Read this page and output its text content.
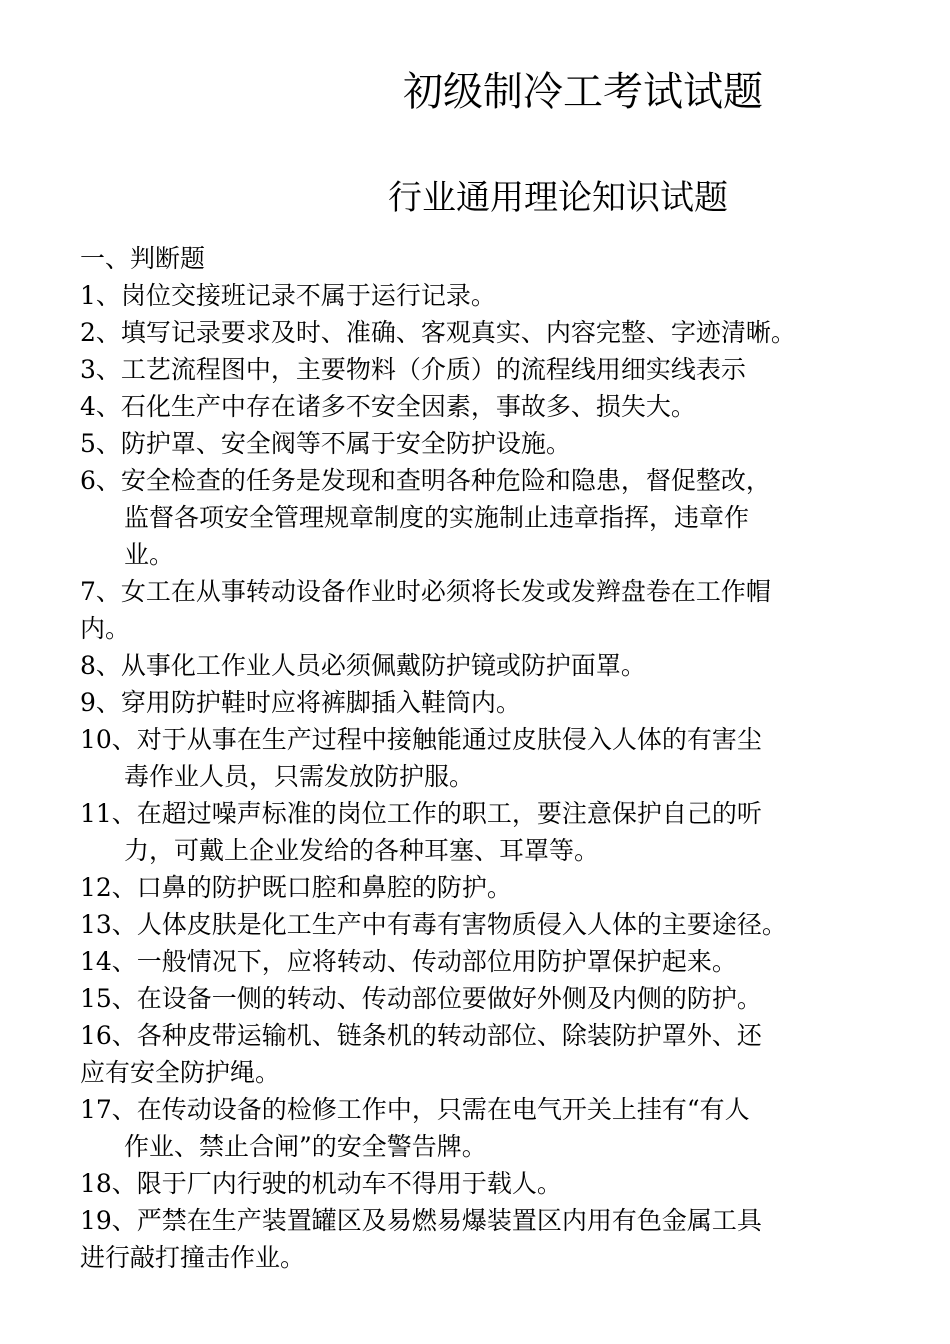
初级制冷工考试试题
行业通用理论知识试题
一、判断题
1、岗位交接班记录不属于运行记录。
2、填写记录要求及时、准确、客观真实、内容完整、字迹清晰。
3、工艺流程图中，主要物料（介质）的流程线用细实线表示
4、石化生产中存在诸多不安全因素，事故多、损失大。
5、防护罩、安全阀等不属于安全防护设施。
6、安全检查的任务是发现和查明各种危险和隐患，督促整改，
监督各项安全管理规章制度的实施制止违章指挥，违章作
业。
7、女工在从事转动设备作业时必须将长发或发辫盘卷在工作帽
内。
8、从事化工作业人员必须佩戴防护镜或防护面罩。
9、穿用防护鞋时应将裤脚插入鞋筒内。
10、对于从事在生产过程中接触能通过皮肤侵入人体的有害尘
毒作业人员，只需发放防护服。
11、在超过噪声标准的岗位工作的职工，要注意保护自己的听
力，可戴上企业发给的各种耳塞、耳罩等。
12、口鼻的防护既口腔和鼻腔的防护。
13、人体皮肤是化工生产中有毒有害物质侵入人体的主要途径。
14、一般情况下，应将转动、传动部位用防护罩保护起来。
15、在设备一侧的转动、传动部位要做好外侧及内侧的防护。
16、各种皮带运输机、链条机的转动部位、除装防护罩外、还
应有安全防护绳。
17、在传动设备的检修工作中，只需在电气开关上挂有“有人
作业、禁止合闸”的安全警告牌。
18、限于厂内行驶的机动车不得用于载人。
19、严禁在生产装置罐区及易燃易爆装置区内用有色金属工具
进行敲打撞击作业。
